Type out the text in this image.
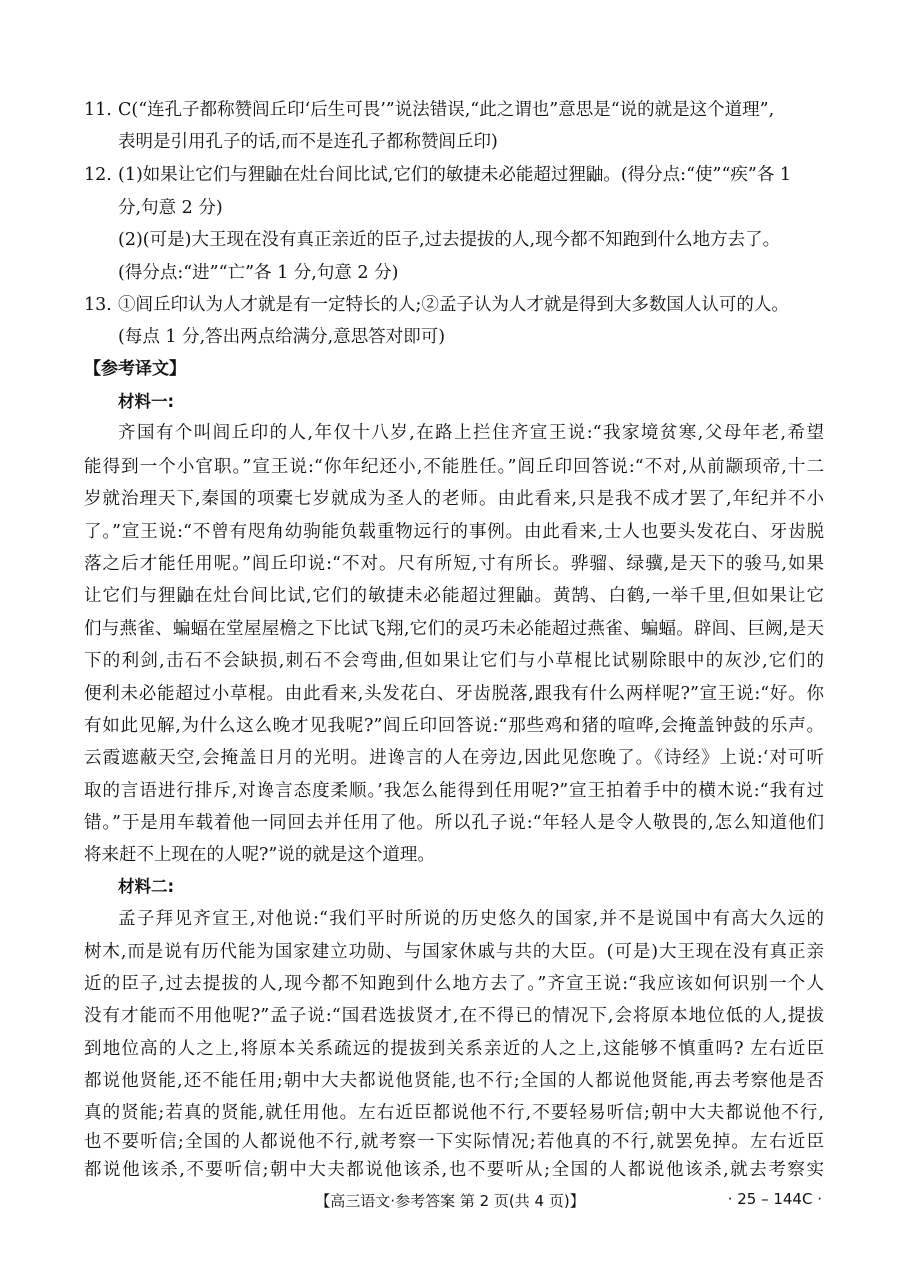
11. C(“连孔子都称赞闾丘印‘后生可畏’”说法错误,“此之谓也”意思是“说的就是这个道理”,
表明是引用孔子的话,而不是连孔子都称赞闾丘印)
12. (1)如果让它们与狸鼬在灶台间比试,它们的敏捷未必能超过狸鼬。(得分点:“使”“疾”各 1
分,句意 2 分)
(2)(可是)大王现在没有真正亲近的臣子,过去提拔的人,现今都不知跑到什么地方去了。
(得分点:“进”“亡”各 1 分,句意 2 分)
13. ①闾丘印认为人才就是有一定特长的人;②孟子认为人才就是得到大多数国人认可的人。
(每点 1 分,答出两点给满分,意思答对即可)
【参考译文】
材料一:
齐国有个叫闾丘印的人,年仅十八岁,在路上拦住齐宣王说:“我家境贫寒,父母年老,希望
能得到一个小官职。”宣王说:“你年纪还小,不能胜任。”闾丘印回答说:“不对,从前颛顼帝,十二
岁就治理天下,秦国的项橐七岁就成为圣人的老师。由此看来,只是我不成才罢了,年纪并不小
了。”宣王说:“不曾有咫角幼驹能负载重物远行的事例。由此看来,士人也要头发花白、牙齿脱
落之后才能任用呢。”闾丘印说:“不对。尺有所短,寸有所长。骅骝、绿骥,是天下的骏马,如果
让它们与狸鼬在灶台间比试,它们的敏捷未必能超过狸鼬。黄鹄、白鹤,一举千里,但如果让它
们与燕雀、蝙蝠在堂屋屋檐之下比试飞翔,它们的灵巧未必能超过燕雀、蝙蝠。辟闾、巨阙,是天
下的利剑,击石不会缺损,刺石不会弯曲,但如果让它们与小草棍比试剔除眼中的灰沙,它们的
便利未必能超过小草棍。由此看来,头发花白、牙齿脱落,跟我有什么两样呢?”宣王说:“好。你
有如此见解,为什么这么晚才见我呢?”闾丘印回答说:“那些鸡和猪的喧哗,会掩盖钟鼓的乐声。
云霞遮蔽天空,会掩盖日月的光明。进谗言的人在旁边,因此见您晚了。《诗经》上说:‘对可听
取的言语进行排斥,对谗言态度柔顺。’我怎么能得到任用呢?”宣王拍着手中的横木说:“我有过
错。”于是用车载着他一同回去并任用了他。所以孔子说:“年轻人是令人敬畏的,怎么知道他们
将来赶不上现在的人呢?”说的就是这个道理。
材料二:
孟子拜见齐宣王,对他说:“我们平时所说的历史悠久的国家,并不是说国中有高大久远的
树木,而是说有历代能为国家建立功勋、与国家休戚与共的大臣。(可是)大王现在没有真正亲
近的臣子,过去提拔的人,现今都不知跑到什么地方去了。”齐宣王说:“我应该如何识别一个人
没有才能而不用他呢?”孟子说:“国君选拔贤才,在不得已的情况下,会将原本地位低的人,提拔
到地位高的人之上,将原本关系疏远的提拔到关系亲近的人之上,这能够不慎重吗? 左右近臣
都说他贤能,还不能任用;朝中大夫都说他贤能,也不行;全国的人都说他贤能,再去考察他是否
真的贤能;若真的贤能,就任用他。左右近臣都说他不行,不要轻易听信;朝中大夫都说他不行,
也不要听信;全国的人都说他不行,就考察一下实际情况;若他真的不行,就罢免掉。左右近臣
都说他该杀,不要听信;朝中大夫都说他该杀,也不要听从;全国的人都说他该杀,就去考察实
【高三语文·参考答案 第 2 页(共 4 页)】	· 25 – 144C ·
